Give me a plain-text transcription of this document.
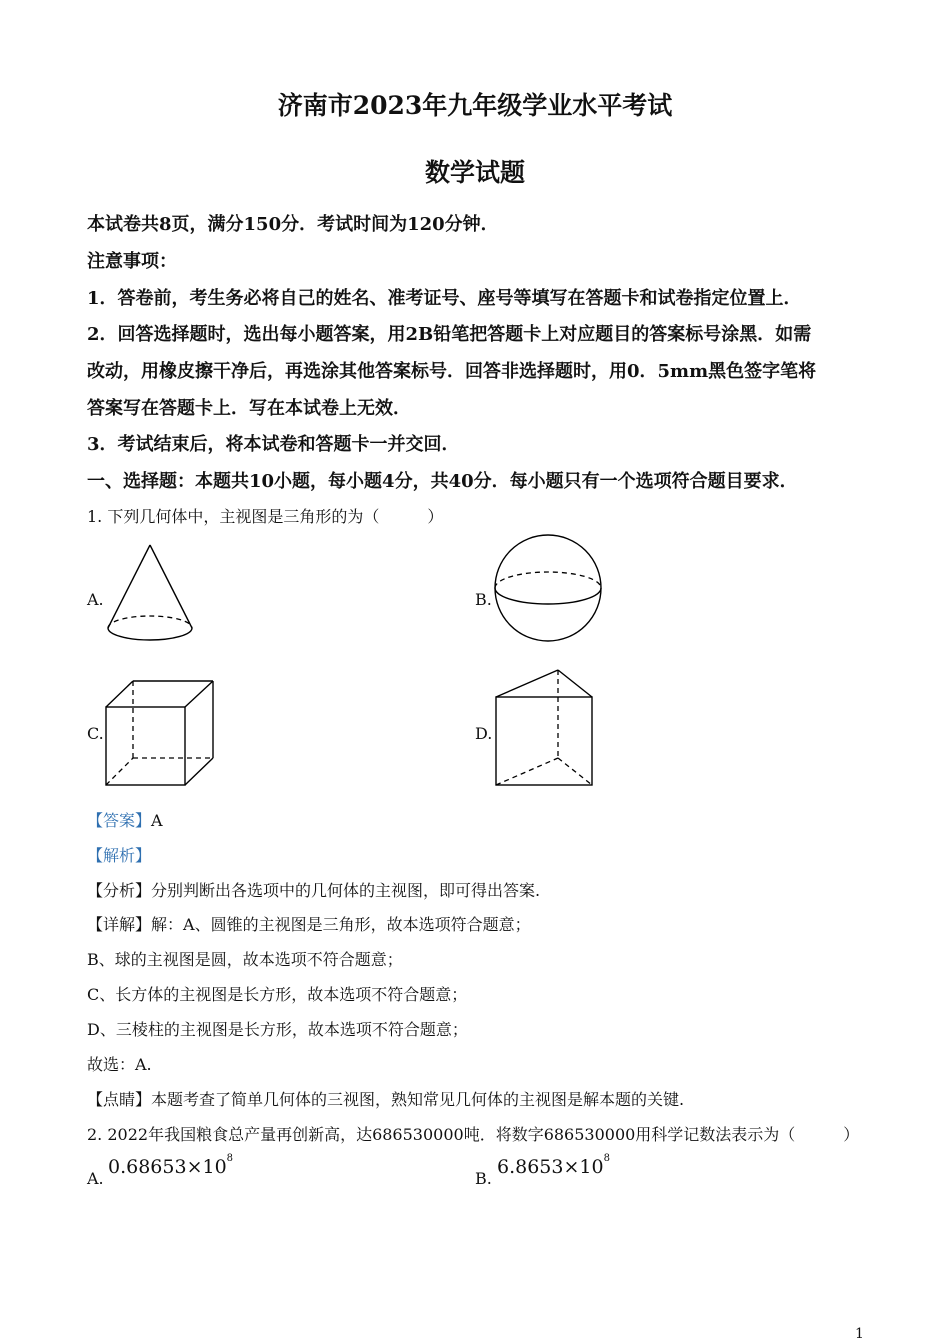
济南市2023年九年级学业水平考试
数学试题
本试卷共8页，满分150分．考试时间为120分钟．
注意事项：
1．答卷前，考生务必将自己的姓名、准考证号、座号等填写在答题卡和试卷指定位置上．
2．回答选择题时，选出每小题答案，用2B铅笔把答题卡上对应题目的答案标号涂黑．如需
改动，用橡皮擦干净后，再选涂其他答案标号．回答非选择题时，用0．5mm黑色签字笔将
答案写在答题卡上．写在本试卷上无效．
3．考试结束后，将本试卷和答题卡一并交回．
一、选择题：本题共10小题，每小题4分，共40分．每小题只有一个选项符合题目要求．
1. 下列几何体中，主视图是三角形的为（　　　）
A.	B.
C.	D.
【答案】A
【解析】
【分析】分别判断出各选项中的几何体的主视图，即可得出答案.
【详解】解：A、圆锥的主视图是三角形，故本选项符合题意；
B、球的主视图是圆，故本选项不符合题意；
C、长方体的主视图是长方形，故本选项不符合题意；
D、三棱柱的主视图是长方形，故本选项不符合题意；
故选：A.
【点睛】本题考查了简单几何体的三视图，熟知常见几何体的主视图是解本题的关键.
2. 2022年我国粮食总产量再创新高，达686530000吨．将数字686530000用科学记数法表示为（　　　）
A.
$0.68653\times 10^8$
B.
$6.8653\times 10^8$
1
